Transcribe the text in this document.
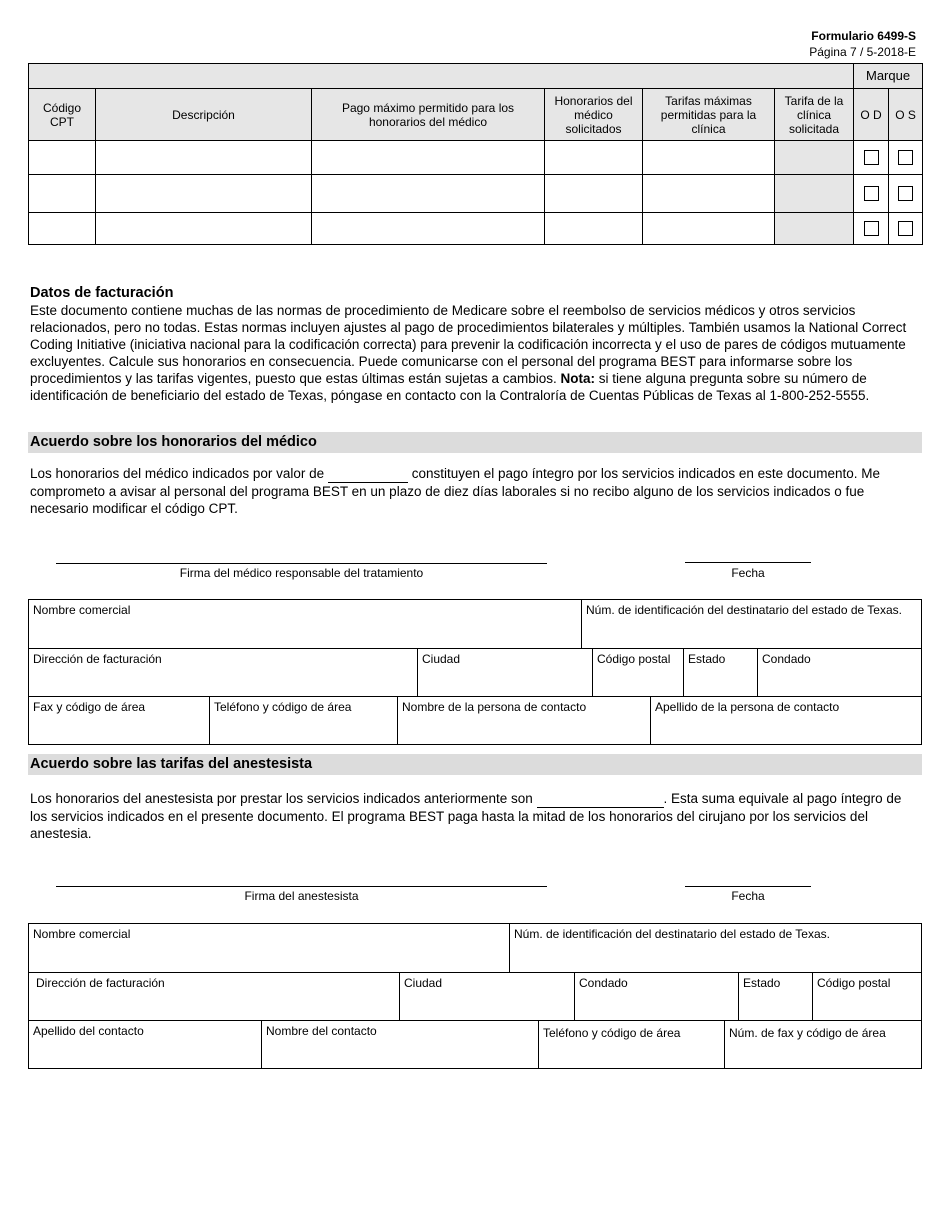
Formulario 6499-S
Página 7 / 5-2018-E
						Marque	
Código CPT	Descripción	Pago máximo permitido para los honorarios del médico	Honorarios del médico solicitados	Tarifas máximas permitidas para la clínica	Tarifa de la clínica solicitada	O D	O S

Datos de facturación

Este documento contiene muchas de las normas de procedimiento de Medicare sobre el reembolso de servicios médicos y otros servicios relacionados, pero no todas. Estas normas incluyen ajustes al pago de procedimientos bilaterales y múltiples. También usamos la National Correct Coding Initiative (iniciativa nacional para la codificación correcta) para prevenir la codificación incorrecta y el uso de pares de códigos mutuamente excluyentes. Calcule sus honorarios en consecuencia. Puede comunicarse con el personal del programa BEST para informarse sobre los procedimientos y las tarifas vigentes, puesto que estas últimas están sujetas a cambios. Nota: si tiene alguna pregunta sobre su número de identificación de beneficiario del estado de Texas, póngase en contacto con la Contraloría de Cuentas Públicas de Texas al 1-800-252-5555.

Acuerdo sobre los honorarios del médico

Los honorarios del médico indicados por valor de	constituyen el pago íntegro por los servicios indicados en este documento. Me comprometo a avisar al personal del programa BEST en un plazo de diez días laborales si no recibo alguno de los servicios indicados o fue necesario modificar el código CPT.

Firma del médico responsable del tratamiento	Fecha
Nombre comercial	Núm. de identificación del destinatario del estado de Texas.
Dirección de facturación	Ciudad	Código postal	Estado	Condado
Fax y código de área	Teléfono y código de área	Nombre de la persona de contacto	Apellido de la persona de contacto
Acuerdo sobre las tarifas del anestesista

Los honorarios del anestesista por prestar los servicios indicados anteriormente son	. Esta suma equivale al pago íntegro de los servicios indicados en el presente documento. El programa BEST paga hasta la mitad de los honorarios del cirujano por los servicios del anestesia.

Firma del anestesista	Fecha
Nombre comercial	Núm. de identificación del destinatario del estado de Texas.
Dirección de facturación	Ciudad	Condado	Estado	Código postal
Apellido del contacto	Nombre del contacto	Teléfono y código de área	Núm. de fax y código de área
